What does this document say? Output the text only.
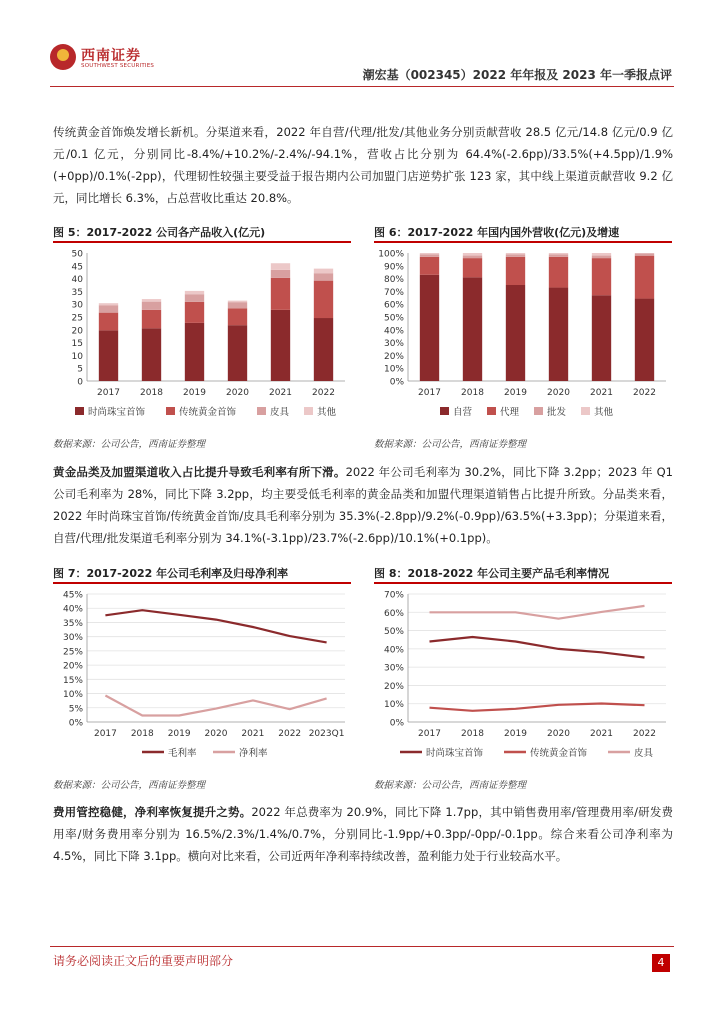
西南证券
SOUTHWEST SECURITIES
潮宏基（002345）2022 年年报及 2023 年一季报点评
传统黄金首饰焕发增长新机。分渠道来看，2022 年自营/代理/批发/其他业务分别贡献营收 28.5 亿元/14.8 亿元/0.9 亿元/0.1 亿元，分别同比-8.4%/+10.2%/-2.4%/-94.1%，营收占比分别为 64.4%(-2.6pp)/33.5%(+4.5pp)/1.9%(+0pp)/0.1%(-2pp)，代理韧性较强主要受益于报告期内公司加盟门店逆势扩张 123 家，其中线上渠道贡献营收 9.2 亿元，同比增长 6.3%，占总营收比重达 20.8%。
图 5：2017-2022 公司各产品收入(亿元)	图 6：2017-2022 年国内国外营收(亿元)及增速
0
5
10
15
20
25
30
35
40
45
50
2017 2018 2019 2020 2021 2022
时尚珠宝首饰	传统黄金首饰	皮具	其他
0%
10%
20%
30%
40%
50%
60%
70%
80%
90%
100%
2017 2018 2019 2020 2021 2022
自营	代理	批发	其他
数据来源：公司公告，西南证券整理	数据来源：公司公告，西南证券整理
黄金品类及加盟渠道收入占比提升导致毛利率有所下滑。2022 年公司毛利率为 30.2%，同比下降 3.2pp；2023 年 Q1 公司毛利率为 28%，同比下降 3.2pp，均主要受低毛利率的黄金品类和加盟代理渠道销售占比提升所致。分品类来看，2022 年时尚珠宝首饰/传统黄金首饰/皮具毛利率分别为 35.3%(-2.8pp)/9.2%(-0.9pp)/63.5%(+3.3pp)；分渠道来看，自营/代理/批发渠道毛利率分别为 34.1%(-3.1pp)/23.7%(-2.6pp)/10.1%(+0.1pp)。
图 7：2017-2022 年公司毛利率及归母净利率	图 8：2018-2022 年公司主要产品毛利率情况
0%
5%
10%
15%
20%
25%
30%
35%
40%
45%
2017 2018 2019 2020 2021 2022 2023Q1
毛利率	净利率
0%
10%
20%
30%
40%
50%
60%
70%
2017 2018 2019 2020 2021 2022
时尚珠宝首饰	传统黄金首饰	皮具
数据来源：公司公告，西南证券整理	数据来源：公司公告，西南证券整理
费用管控稳健，净利率恢复提升之势。2022 年总费率为 20.9%，同比下降 1.7pp，其中销售费用率/管理费用率/研发费用率/财务费用率分别为 16.5%/2.3%/1.4%/0.7%，分别同比-1.9pp/+0.3pp/-0pp/-0.1pp。综合来看公司净利率为 4.5%，同比下降 3.1pp。横向对比来看，公司近两年净利率持续改善，盈利能力处于行业较高水平。
请务必阅读正文后的重要声明部分	4
